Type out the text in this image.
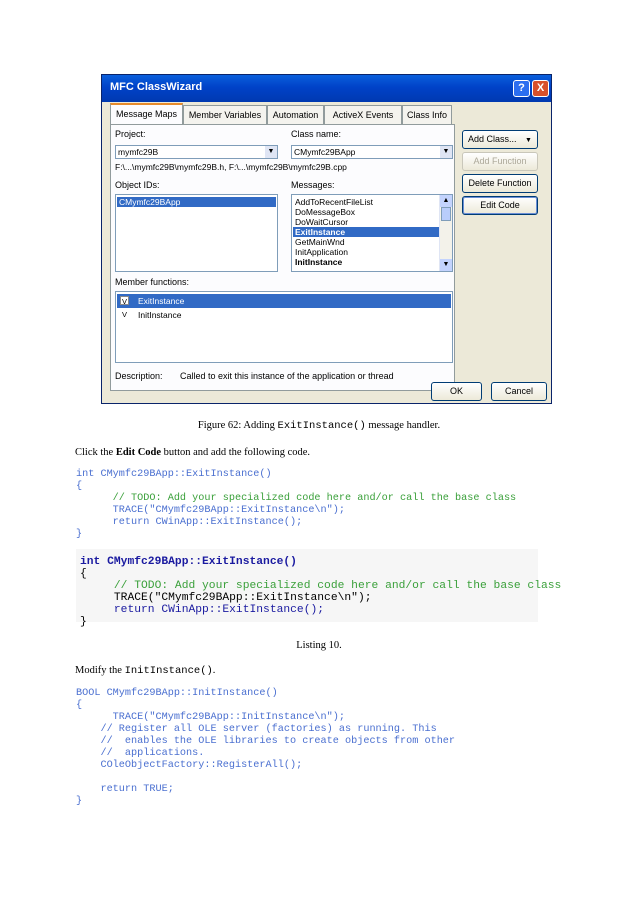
MFC ClassWizard	?	X
Message Maps	Member Variables	Automation	ActiveX Events	Class Info
Project:
mymfc29B	▼
Class name:
CMymfc29BApp	▼
F:\...\mymfc29B\mymfc29B.h, F:\...\mymfc29B\mymfc29B.cpp
Object IDs:
CMymfc29BApp
Messages:
AddToRecentFileList
DoMessageBox
DoWaitCursor
ExitInstance
GetMainWnd
InitApplication
InitInstance
▲
▼
Member functions:
V ExitInstance
V InitInstance
Description: Called to exit this instance of the application or thread
Add Class... ▼
Add Function
Delete Function
Edit Code
OK	Cancel
Figure 62: Adding ExitInstance() message handler.
Click the Edit Code button and add the following code.
int CMymfc29BApp::ExitInstance()
{
// TODO: Add your specialized code here and/or call the base class
TRACE("CMymfc29BApp::ExitInstance\n");
return CWinApp::ExitInstance();
}
int CMymfc29BApp::ExitInstance()
{
// TODO: Add your specialized code here and/or call the base class
TRACE("CMymfc29BApp::ExitInstance\n");
return CWinApp::ExitInstance();
}
Listing 10.
Modify the InitInstance().
BOOL CMymfc29BApp::InitInstance()
{
TRACE("CMymfc29BApp::InitInstance\n");
// Register all OLE server (factories) as running. This
//  enables the OLE libraries to create objects from other
//  applications.
COleObjectFactory::RegisterAll();
return TRUE;
}
